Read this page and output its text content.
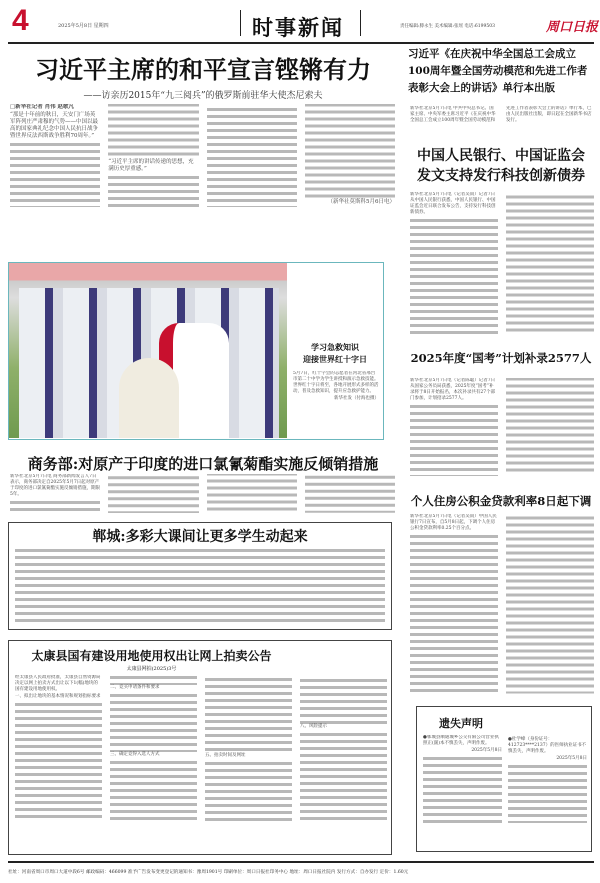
4	2025年5月8日 星期四	时事新闻	责任编辑:滕永生 美术编辑:张瑶 电话:6199503	周口日报
习近平主席的和平宣言铿锵有力
——访亲历2015年“九三阅兵”的俄罗斯前驻华大使杰尼索夫

□新华社记者 肖伟 赵歌凡

“那是十年前的秋日，天安门广场英军阵列庄严肃穆的气势——中国以最高的国家典礼纪念中国人民抗日战争暨世界反法西斯战争胜利70周年。”

“习近平主席的讲话传递的思想，充满历史厚重感。”

（新华社莫斯科5月6日电）

学习急救知识
迎接世界红十字日

5月7日，红十字会的志愿者在河北省邢台市第二十中学为学生讲授和演示急救技能。世界红十字日将至，各地开展形式多样的活动，普及急救知识，提升应急救护能力。

新华社发（付海也摄）

商务部:对原产于印度的进口氯氰菊酯实施反倾销措施

新华社北京5月7日电 商务部新闻发言人7日表示，商务部决定自2025年5月7日起对原产于印度的进口氯氰菊酯实施反倾销措施，期限5年。

郸城:多彩大课间让更多学生动起来
太康县国有建设用地使用权出让网上拍卖公告
太康县网拍(2025)3号

经太康县人民政府批准，太康县自然资源局决定以网上拍卖方式出让以下1(幅)地块的国有建设用地使用权。

一、拟出让地块的基本情况和规划指标要求

二、竞买申请条件和要求

三、确定竞得入选人方式	五、拍卖时间及网址

八、风险提示

习近平《在庆祝中华全国总工会成立
100周年暨全国劳动模范和先进工作者
表彰大会上的讲话》单行本出版
新华社北京5月7日电 中共中央总书记、国家主席、中央军委主席习近平《在庆祝中华全国总工会成立100周年暨全国劳动模范和先进工作者表彰大会上的讲话》单行本，已由人民出版社出版，即日起在全国新华书店发行。
中国人民银行、中国证监会
发文支持发行科技创新债券

新华社北京5月7日电（记者吴雨）记者7日从中国人民银行获悉，中国人民银行、中国证监会近日联合发布公告，支持发行科技创新债券。

2025年度“国考”计划补录2577人

新华社北京5月7日电（记者陈聪）记者7日从国家公务员局获悉，2025年度“国考”补录将于8日开始报名，本次补录共有27个部门参加，计划招录2577人。

个人住房公积金贷款利率8日起下调

新华社北京5月7日电（记者吴雨）中国人民银行7日宣布，自5月8日起，下调个人住房公积金贷款利率0.25个百分点。

遗失声明

●郸城县顺通城乡公交有限公司营业执照正(副)本不慎丢失，声明作废。

2025年5月8日

●杜学峰（身份证号：412723****2137）的医师执业证书不慎丢失，声明作废。

2025年5月8日

社址：河南省周口市周口大道中段6号 邮政编码：466099 准予广告发布变更登记的通知书：豫周1901号 印刷单位：周口日报社印务中心 地址：周口日报社院内 发行方式：自办发行 定价：1.60元
